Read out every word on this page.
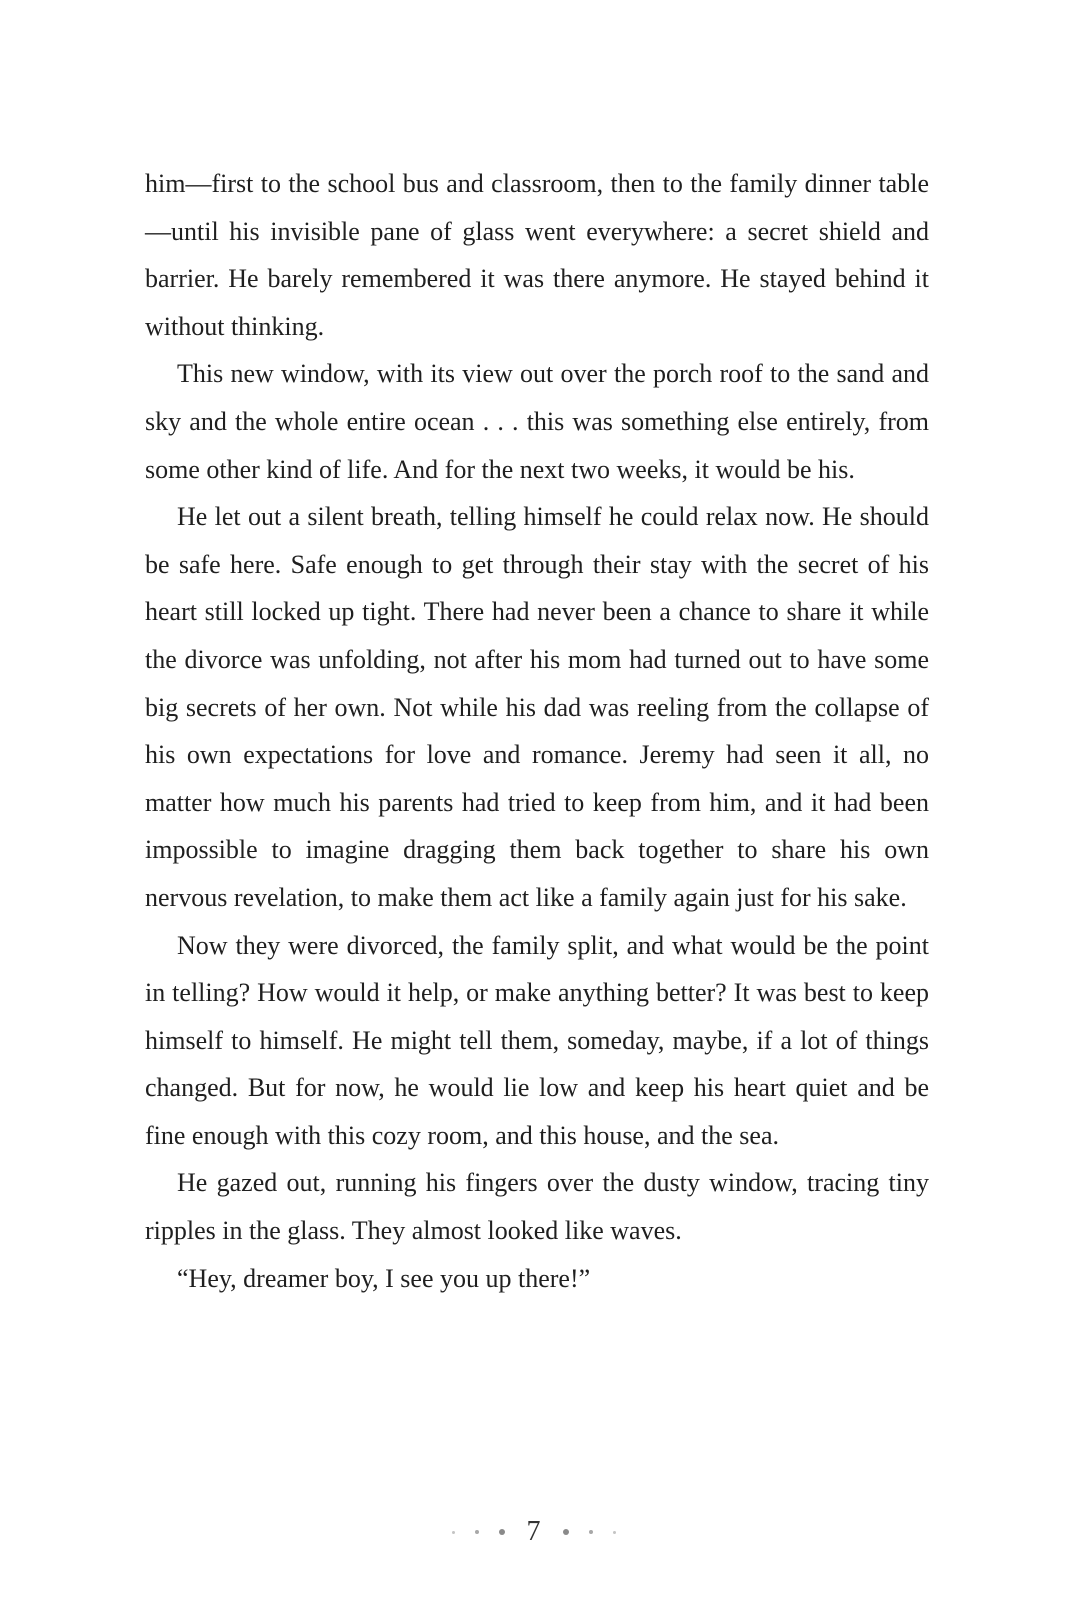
him—first to the school bus and classroom, then to the family dinner table—until his invisible pane of glass went everywhere: a secret shield and barrier. He barely remembered it was there anymore. He stayed behind it without thinking.

This new window, with its view out over the porch roof to the sand and sky and the whole entire ocean . . . this was something else entirely, from some other kind of life. And for the next two weeks, it would be his.

He let out a silent breath, telling himself he could relax now. He should be safe here. Safe enough to get through their stay with the secret of his heart still locked up tight. There had never been a chance to share it while the divorce was unfolding, not after his mom had turned out to have some big secrets of her own. Not while his dad was reeling from the collapse of his own expectations for love and romance. Jeremy had seen it all, no matter how much his parents had tried to keep from him, and it had been impossible to imagine dragging them back together to share his own nervous revelation, to make them act like a family again just for his sake.

Now they were divorced, the family split, and what would be the point in telling? How would it help, or make anything better? It was best to keep himself to himself. He might tell them, someday, maybe, if a lot of things changed. But for now, he would lie low and keep his heart quiet and be fine enough with this cozy room, and this house, and the sea.

He gazed out, running his fingers over the dusty window, tracing tiny ripples in the glass. They almost looked like waves.

“Hey, dreamer boy, I see you up there!”

7
